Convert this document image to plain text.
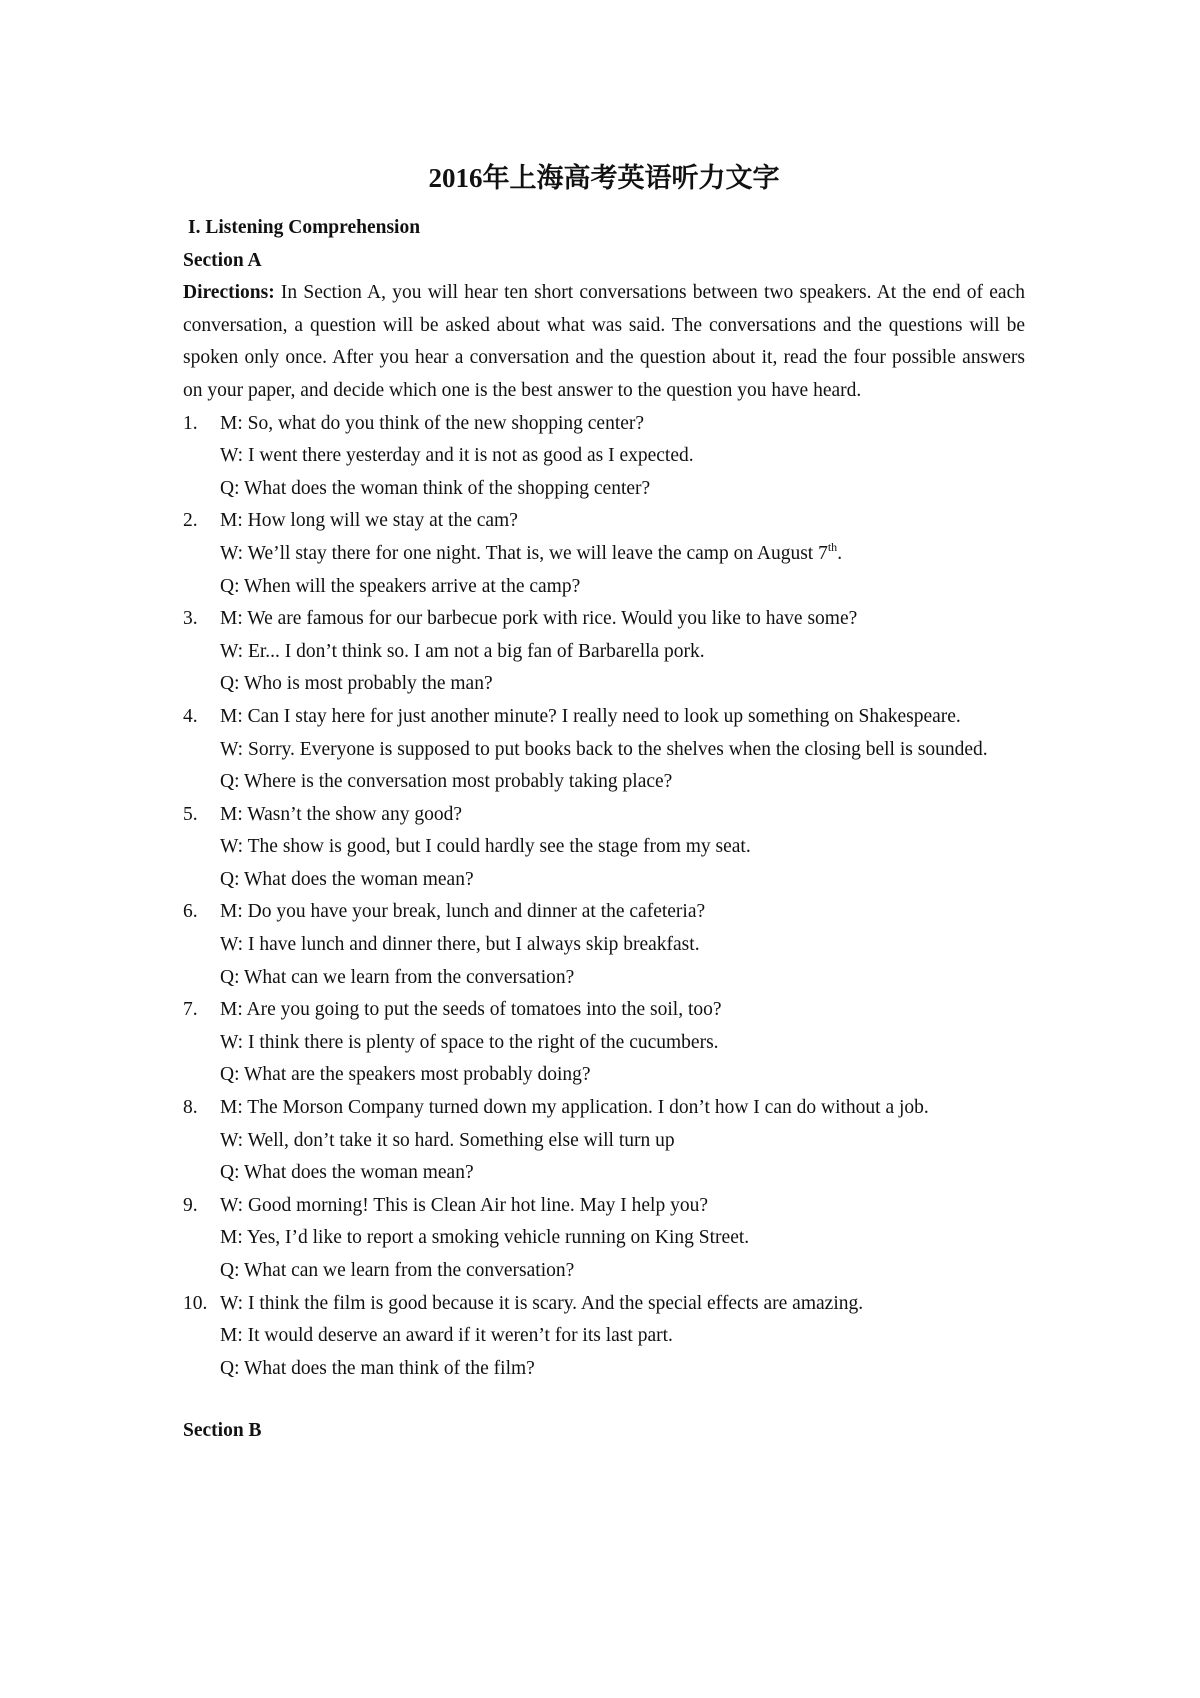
2016年上海高考英语听力文字
I. Listening Comprehension
Section A
Directions: In Section A, you will hear ten short conversations between two speakers. At the end of each conversation, a question will be asked about what was said. The conversations and the questions will be spoken only once. After you hear a conversation and the question about it, read the four possible answers on your paper, and decide which one is the best answer to the question you have heard.
1.	M: So, what do you think of the new shopping center?
W: I went there yesterday and it is not as good as I expected.
Q: What does the woman think of the shopping center?
2.	M: How long will we stay at the cam?
W: We’ll stay there for one night. That is, we will leave the camp on August 7th.
Q: When will the speakers arrive at the camp?
3.	M: We are famous for our barbecue pork with rice. Would you like to have some?
W: Er... I don’t think so. I am not a big fan of Barbarella pork.
Q: Who is most probably the man?
4.	M: Can I stay here for just another minute? I really need to look up something on Shakespeare.
W: Sorry. Everyone is supposed to put books back to the shelves when the closing bell is sounded.
Q: Where is the conversation most probably taking place?
5.	M: Wasn’t the show any good?
W: The show is good, but I could hardly see the stage from my seat.
Q: What does the woman mean?
6.	M: Do you have your break, lunch and dinner at the cafeteria?
W: I have lunch and dinner there, but I always skip breakfast.
Q: What can we learn from the conversation?
7.	M: Are you going to put the seeds of tomatoes into the soil, too?
W: I think there is plenty of space to the right of the cucumbers.
Q: What are the speakers most probably doing?
8.	M: The Morson Company turned down my application. I don’t how I can do without a job.
W: Well, don’t take it so hard. Something else will turn up
Q: What does the woman mean?
9.	W: Good morning! This is Clean Air hot line. May I help you?
M: Yes, I’d like to report a smoking vehicle running on King Street.
Q: What can we learn from the conversation?
10. W: I think the film is good because it is scary. And the special effects are amazing.
M: It would deserve an award if it weren’t for its last part.
Q: What does the man think of the film?
Section B
